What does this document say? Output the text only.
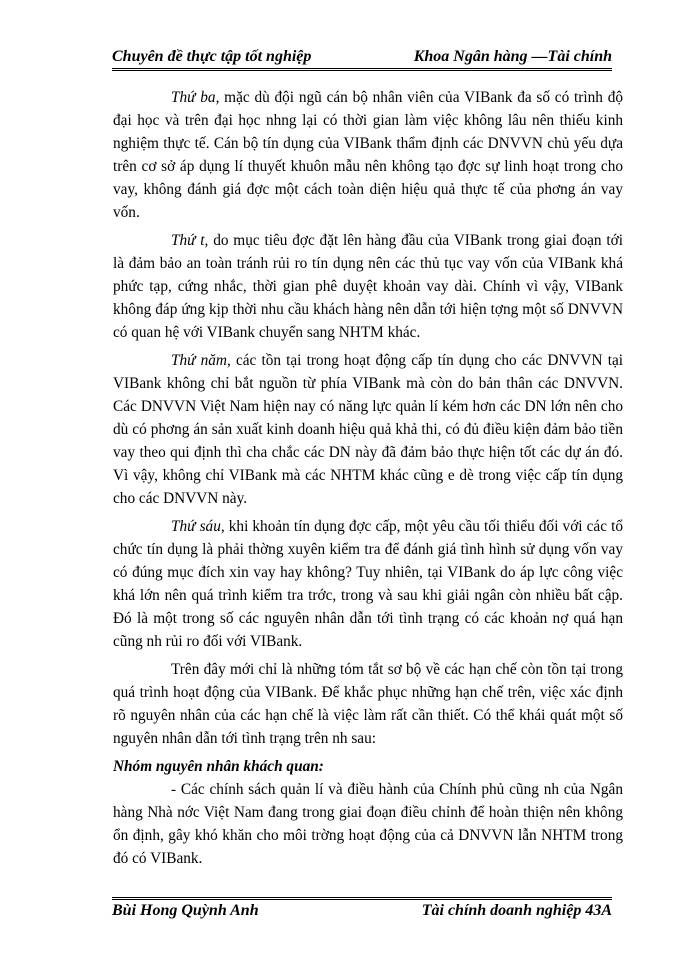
Chuyên đề thực tập tốt nghiệp	Khoa Ngân hàng —Tài chính

Thứ ba, mặc dù đội ngũ cán bộ nhân viên của VIBank đa số có trình độ đại học và trên đại học nhng lại có thời gian làm việc không lâu nên thiếu kinh nghiệm thực tế. Cán bộ tín dụng của VIBank thẩm định các DNVVN chủ yếu dựa trên cơ sở áp dụng lí thuyết khuôn mẫu nên không tạo đợc sự linh hoạt trong cho vay, không đánh giá đợc một cách toàn diện hiệu quả thực tế của phơng án vay vốn.

Thứ t, do mục tiêu đợc đặt lên hàng đầu của VIBank trong giai đoạn tới là đảm bảo an toàn tránh rủi ro tín dụng nên các thủ tục vay vốn của VIBank khá phức tạp, cứng nhắc, thời gian phê duyệt khoản vay dài. Chính vì vậy, VIBank không đáp ứng kịp thời nhu cầu khách hàng nên dẫn tới hiện tợng một số DNVVN có quan hệ với VIBank chuyển sang NHTM khác.

Thứ năm, các tồn tại trong hoạt động cấp tín dụng cho các DNVVN tại VIBank không chỉ bắt nguồn từ phía VIBank mà còn do bản thân các DNVVN. Các DNVVN Việt Nam hiện nay có năng lực quản lí kém hơn các DN lớn nên cho dù có phơng án sản xuất kinh doanh hiệu quả khả thi, có đủ điều kiện đảm bảo tiền vay theo qui định thì cha chắc các DN này đã đảm bảo thực hiện tốt các dự án đó. Vì vậy, không chỉ VIBank mà các NHTM khác cũng e dè trong việc cấp tín dụng cho các DNVVN này.

Thứ sáu, khi khoản tín dụng đợc cấp, một yêu cầu tối thiểu đối với các tổ chức tín dụng là phải thờng xuyên kiểm tra để đánh giá tình hình sử dụng vốn vay có đúng mục đích xin vay hay không? Tuy nhiên, tại VIBank do áp lực công việc khá lớn nên quá trình kiểm tra trớc, trong và sau khi giải ngân còn nhiều bất cập. Đó là một trong số các nguyên nhân dẫn tới tình trạng có các khoản nợ quá hạn cũng nh rủi ro đối với VIBank.

Trên đây mới chỉ là những tóm tắt sơ bộ về các hạn chế còn tồn tại trong quá trình hoạt động của VIBank. Để khắc phục những hạn chế trên, việc xác định rõ nguyên nhân của các hạn chế là việc làm rất cần thiết. Có thể khái quát một số nguyên nhân dẫn tới tình trạng trên nh sau:

Nhóm nguyên nhân khách quan:

- Các chính sách quản lí và điều hành của Chính phủ cũng nh của Ngân hàng Nhà nớc Việt Nam đang trong giai đoạn điều chỉnh để hoàn thiện nên không ổn định, gây khó khăn cho môi trờng hoạt động của cả DNVVN lẫn NHTM trong đó có VIBank.

Bùi Hong Quỳnh Anh	Tài chính doanh nghiệp 43A
